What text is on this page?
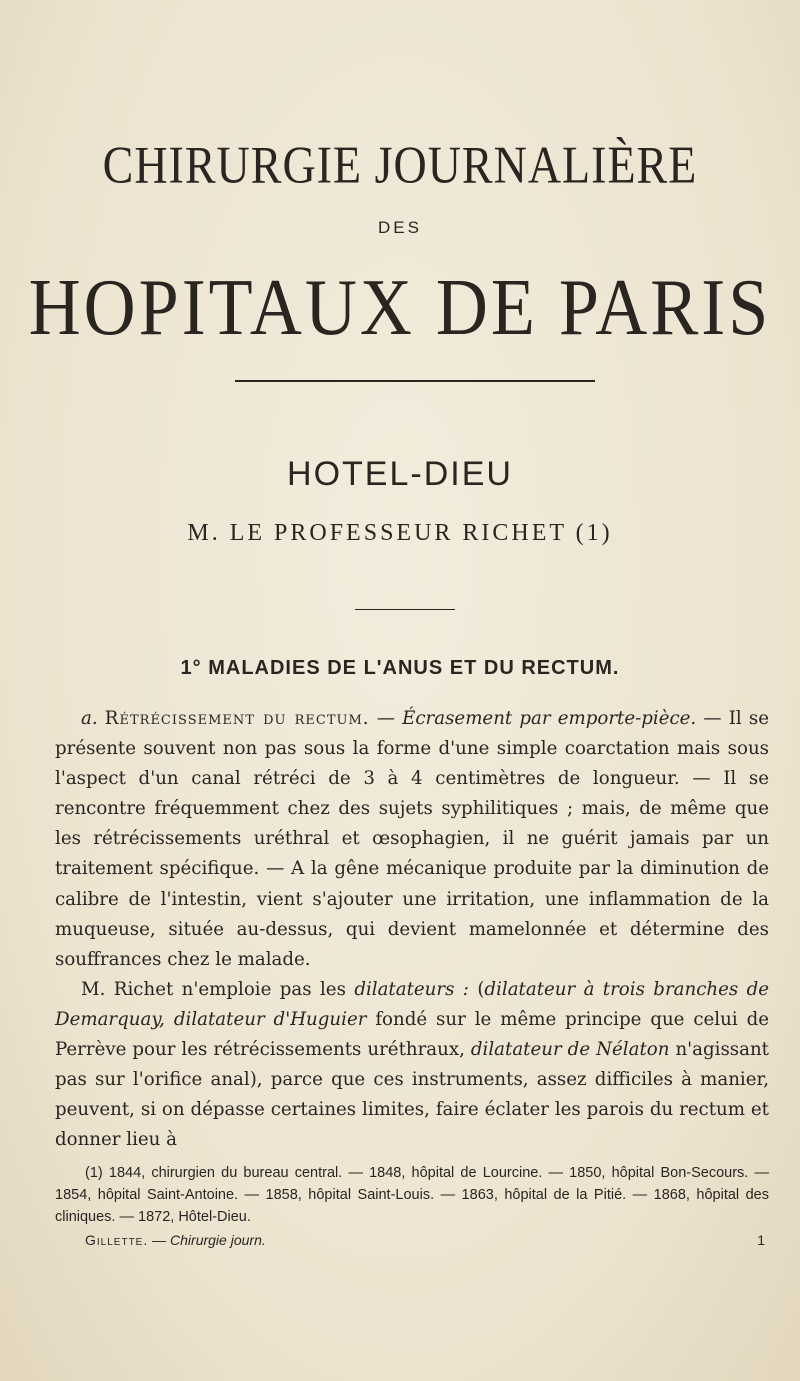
CHIRURGIE JOURNALIÈRE
DES
HOPITAUX DE PARIS
HOTEL-DIEU
M. LE PROFESSEUR RICHET (1)
1° MALADIES DE L'ANUS ET DU RECTUM.

a. Rétrécissement du rectum. — Écrasement par emporte-pièce. — Il se présente souvent non pas sous la forme d'une simple coarctation mais sous l'aspect d'un canal rétréci de 3 à 4 centimètres de longueur. — Il se rencontre fréquemment chez des sujets syphilitiques ; mais, de même que les rétrécissements uréthral et œsophagien, il ne guérit jamais par un traitement spécifique. — A la gêne mécanique produite par la diminution de calibre de l'intestin, vient s'ajouter une irritation, une inflammation de la muqueuse, située au-dessus, qui devient mamelonnée et détermine des souffrances chez le malade.

M. Richet n'emploie pas les dilatateurs : (dilatateur à trois branches de Demarquay, dilatateur d'Huguier fondé sur le même principe que celui de Perrève pour les rétrécissements uréthraux, dilatateur de Nélaton n'agissant pas sur l'orifice anal), parce que ces instruments, assez difficiles à manier, peuvent, si on dépasse certaines limites, faire éclater les parois du rectum et donner lieu à

(1) 1844, chirurgien du bureau central. — 1848, hôpital de Lourcine. — 1850, hôpital Bon-Secours. — 1854, hôpital Saint-Antoine. — 1858, hôpital Saint-Louis. — 1863, hôpital de la Pitié. — 1868, hôpital des cliniques. — 1872, Hôtel-Dieu.
Gillette. — Chirurgie journ.	1
